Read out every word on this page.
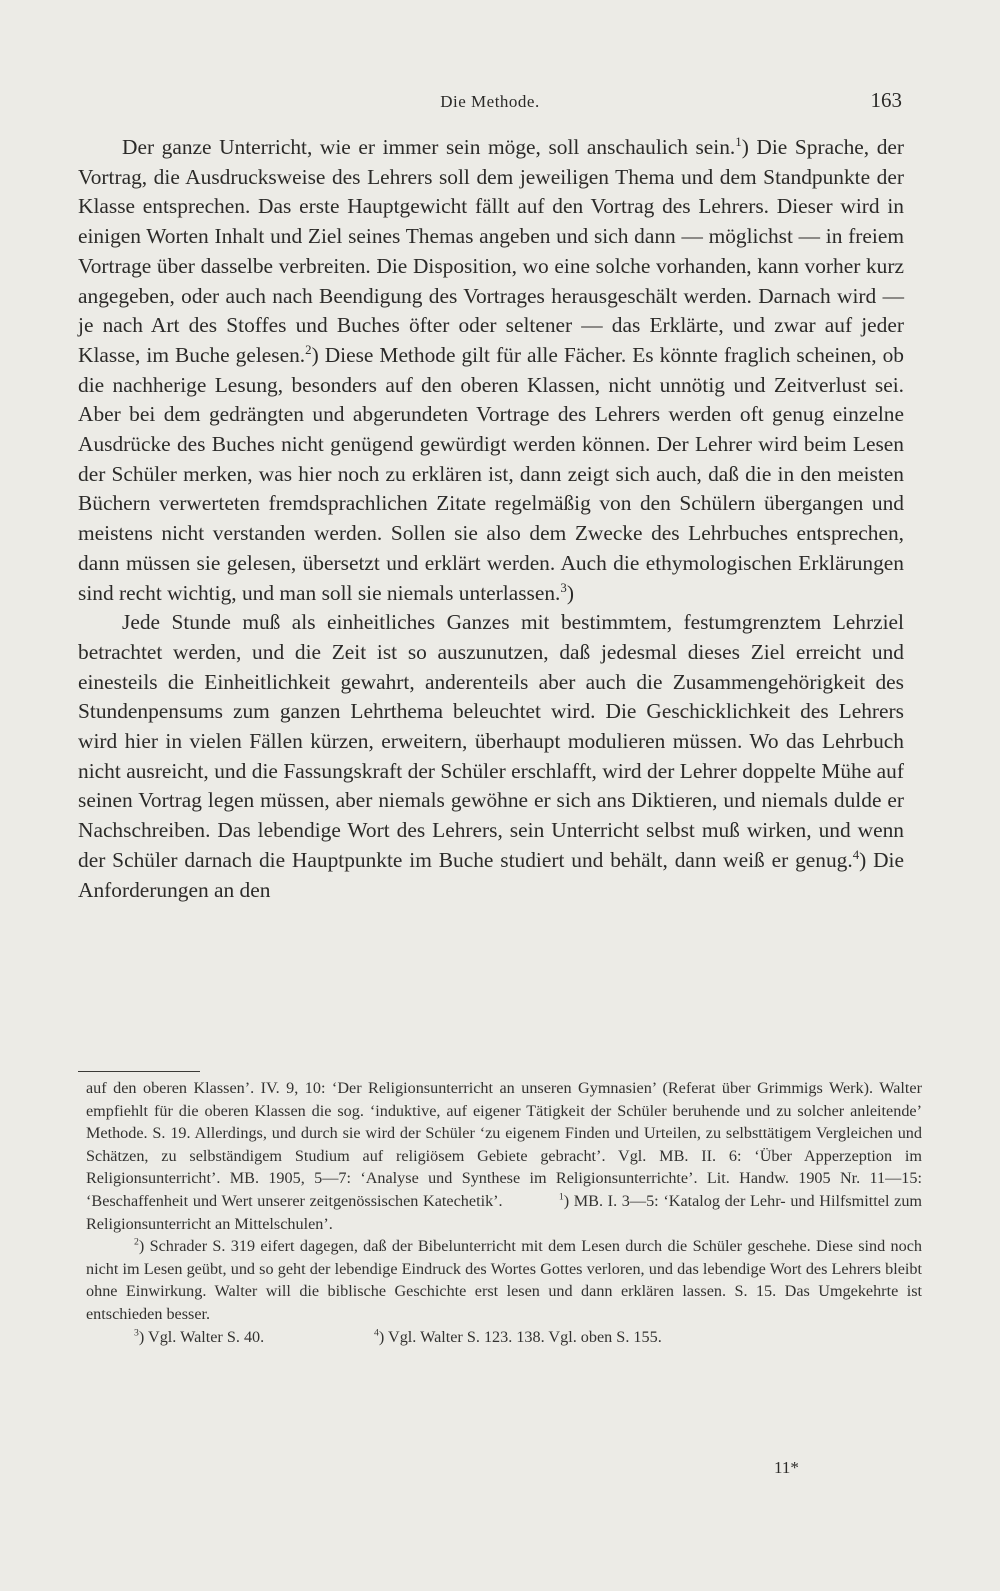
Die Methode.	163

Der ganze Unterricht, wie er immer sein möge, soll anschaulich sein.$^1$) Die Sprache, der Vortrag, die Ausdrucksweise des Lehrers soll dem jeweiligen Thema und dem Standpunkte der Klasse entsprechen. Das erste Hauptgewicht fällt auf den Vortrag des Lehrers. Dieser wird in einigen Worten Inhalt und Ziel seines Themas angeben und sich dann — möglichst — in freiem Vortrage über dasselbe verbreiten. Die Disposition, wo eine solche vorhanden, kann vorher kurz angegeben, oder auch nach Beendigung des Vortrages herausgeschält werden. Darnach wird — je nach Art des Stoffes und Buches öfter oder seltener — das Erklärte, und zwar auf jeder Klasse, im Buche gelesen.$^2$) Diese Methode gilt für alle Fächer. Es könnte fraglich scheinen, ob die nachherige Lesung, besonders auf den oberen Klassen, nicht unnötig und Zeitverlust sei. Aber bei dem gedrängten und abgerundeten Vortrage des Lehrers werden oft genug einzelne Ausdrücke des Buches nicht genügend gewürdigt werden können. Der Lehrer wird beim Lesen der Schüler merken, was hier noch zu erklären ist, dann zeigt sich auch, daß die in den meisten Büchern verwerteten fremdsprachlichen Zitate regelmäßig von den Schülern übergangen und meistens nicht verstanden werden. Sollen sie also dem Zwecke des Lehrbuches entsprechen, dann müssen sie gelesen, übersetzt und erklärt werden. Auch die ethymologischen Erklärungen sind recht wichtig, und man soll sie niemals unterlassen.$^3$)

Jede Stunde muß als einheitliches Ganzes mit bestimmtem, festumgrenztem Lehrziel betrachtet werden, und die Zeit ist so auszunutzen, daß jedesmal dieses Ziel erreicht und einesteils die Einheitlichkeit gewahrt, anderenteils aber auch die Zusammengehörigkeit des Stundenpensums zum ganzen Lehrthema beleuchtet wird. Die Geschicklichkeit des Lehrers wird hier in vielen Fällen kürzen, erweitern, überhaupt modulieren müssen. Wo das Lehrbuch nicht ausreicht, und die Fassungskraft der Schüler erschlafft, wird der Lehrer doppelte Mühe auf seinen Vortrag legen müssen, aber niemals gewöhne er sich ans Diktieren, und niemals dulde er Nachschreiben. Das lebendige Wort des Lehrers, sein Unterricht selbst muß wirken, und wenn der Schüler darnach die Hauptpunkte im Buche studiert und behält, dann weiß er genug.$^4$) Die Anforderungen an den

auf den oberen Klassen’. IV. 9, 10: ‘Der Religionsunterricht an unseren Gymnasien’ (Referat über Grimmigs Werk). Walter empfiehlt für die oberen Klassen die sog. ‘induktive, auf eigener Tätigkeit der Schüler beruhende und zu solcher anleitende’ Methode. S. 19. Allerdings, und durch sie wird der Schüler ‘zu eigenem Finden und Urteilen, zu selbsttätigem Vergleichen und Schätzen, zu selbständigem Studium auf religiösem Gebiete gebracht’. Vgl. MB. II. 6: ‘Über Apperzeption im Religionsunterricht’. MB. 1905, 5—7: ‘Analyse und Synthese im Religionsunterrichte’. Lit. Handw. 1905 Nr. 11—15: ‘Beschaffenheit und Wert unserer zeitgenössischen Katechetik’.	$^1$) MB. I. 3—5: ‘Katalog der Lehr- und Hilfsmittel zum Religionsunterricht an Mittelschulen’.

$^2$) Schrader S. 319 eifert dagegen, daß der Bibelunterricht mit dem Lesen durch die Schüler geschehe. Diese sind noch nicht im Lesen geübt, und so geht der lebendige Eindruck des Wortes Gottes verloren, und das lebendige Wort des Lehrers bleibt ohne Einwirkung. Walter will die biblische Geschichte erst lesen und dann erklären lassen. S. 15. Das Umgekehrte ist entschieden besser.

$^3$) Vgl. Walter S. 40.	$^4$) Vgl. Walter S. 123. 138. Vgl. oben S. 155.
11*
